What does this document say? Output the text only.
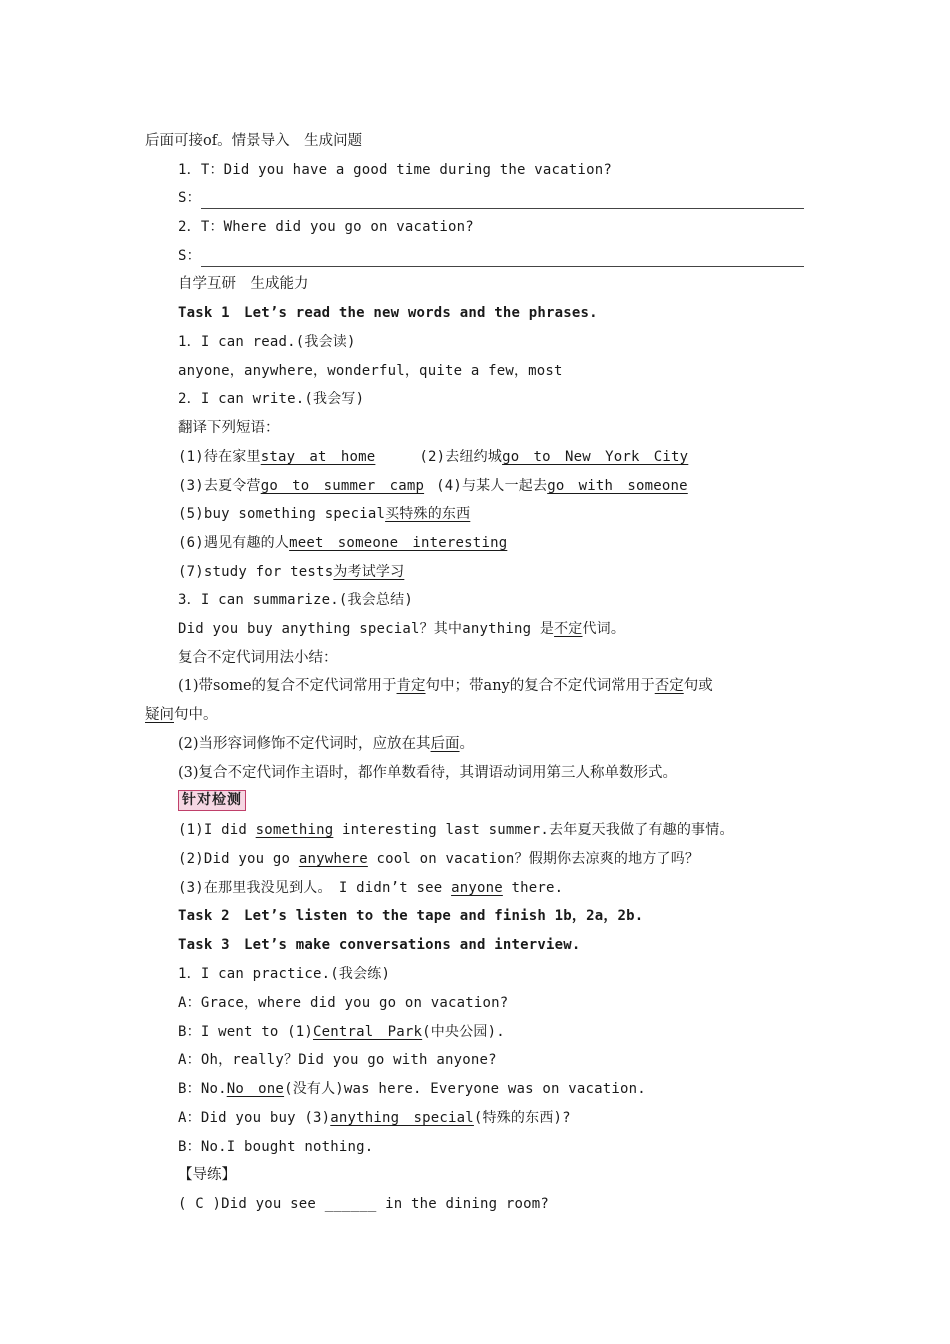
后面可接of。情景导入　生成问题
1．T：Did you have a good time during the vacation?
S：
2．T：Where did you go on vacation?
S：
自学互研　生成能力
Task 1　Let’s read the new words and the phrases.
1．I can read.(我会读)
anyone，anywhere，wonderful，quite a few，most
2．I can write.(我会写)
翻译下列短语：
(1)待在家里stay　at　home	(2)去纽约城go　to　New　York　City
(3)去夏令营go　to　summer　camp (4)与某人一起去go　with　someone
(5)buy something special买特殊的东西
(6)遇见有趣的人meet　someone　interesting
(7)study for tests为考试学习
3．I can summarize.(我会总结)
Did you buy anything special？其中anything 是不定代词。
复合不定代词用法小结：
(1)带some的复合不定代词常用于肯定句中；带any的复合不定代词常用于否定句或
疑问句中。
(2)当形容词修饰不定代词时，应放在其后面。
(3)复合不定代词作主语时，都作单数看待，其谓语动词用第三人称单数形式。
针对检测
(1)I did something interesting last summer.去年夏天我做了有趣的事情。
(2)Did you go anywhere cool on vacation？假期你去凉爽的地方了吗？
(3)在那里我没见到人。　I didn’t see anyone there.
Task 2　Let’s listen to the tape and finish 1b，2a，2b.
Task 3　Let’s make conversations and interview.
1．I can practice.(我会练)
A：Grace，where did you go on vacation?
B：I went to (1)Central　Park(中央公园).
A：Oh，really？Did you go with anyone?
B：No.No　one(没有人)was here. Everyone was on vacation.
A：Did you buy (3)anything　special(特殊的东西)?
B：No.I bought nothing.
【导练】
( C )Did you see ______ in the dining room?
